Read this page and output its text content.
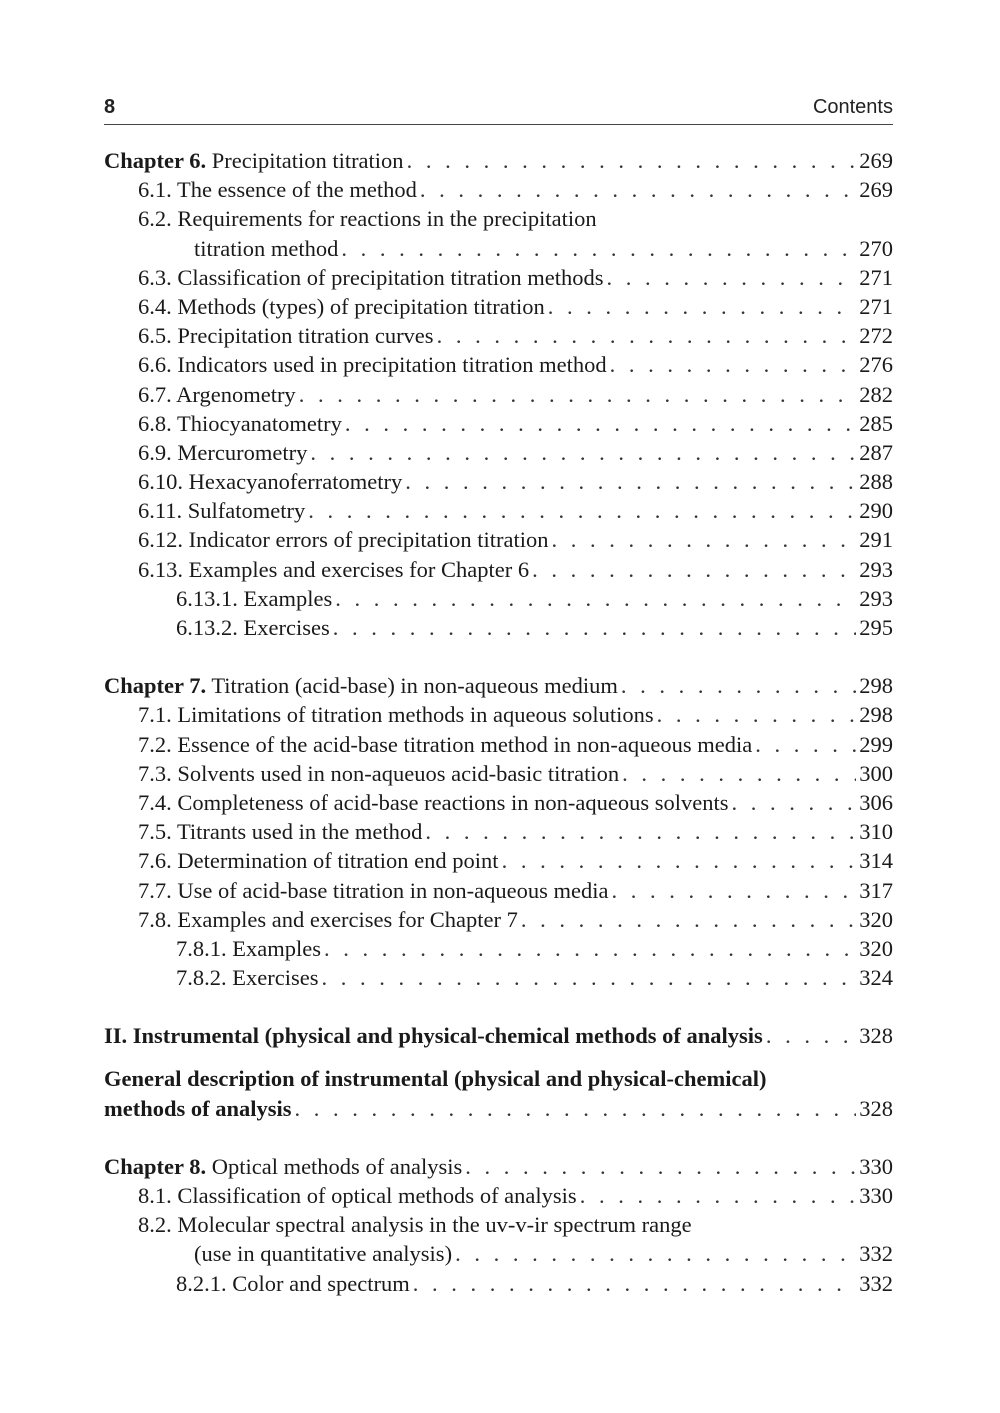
8	Contents
Chapter 6. Precipitation titration . . .	269
6.1. The essence of the method . . .	269
6.2. Requirements for reactions in the precipitation
titration method . . .	270
6.3. Classification of precipitation titration methods . . .	271
6.4. Methods (types) of precipitation titration . . .	271
6.5. Precipitation titration curves . . .	272
6.6. Indicators used in precipitation titration method . . .	276
6.7. Argenometry . . .	282
6.8. Thiocyanatometry . . .	285
6.9. Mercurometry . . .	287
6.10. Hexacyanoferratometry . . .	288
6.11. Sulfatometry . . .	290
6.12. Indicator errors of precipitation titration . . .	291
6.13. Examples and exercises for Chapter 6 . . .	293
6.13.1. Examples . . .	293
6.13.2. Exercises . . .	295
Chapter 7. Titration (acid-base) in non-aqueous medium . . .	298
7.1. Limitations of titration methods in aqueous solutions . . .	298
7.2. Essence of the acid-base titration method in non-aqueous media . . .	299
7.3. Solvents used in non-aqueuos acid-basic titration . . .	300
7.4. Completeness of acid-base reactions in non-aqueous solvents . . .	306
7.5. Titrants used in the method . . .	310
7.6. Determination of titration end point . . .	314
7.7. Use of acid-base titration in non-aqueous media . . .	317
7.8. Examples and exercises for Chapter 7 . . .	320
7.8.1. Examples . . .	320
7.8.2. Exercises . . .	324
II. Instrumental (physical and physical-chemical methods of analysis . . .	328
General description of instrumental (physical and physical-chemical)
methods of analysis . . .	328
Chapter 8. Optical methods of analysis . . .	330
8.1. Classification of optical methods of analysis . . .	330
8.2. Molecular spectral analysis in the uv-v-ir spectrum range
(use in quantitative analysis) . . .	332
8.2.1. Color and spectrum . . .	332
